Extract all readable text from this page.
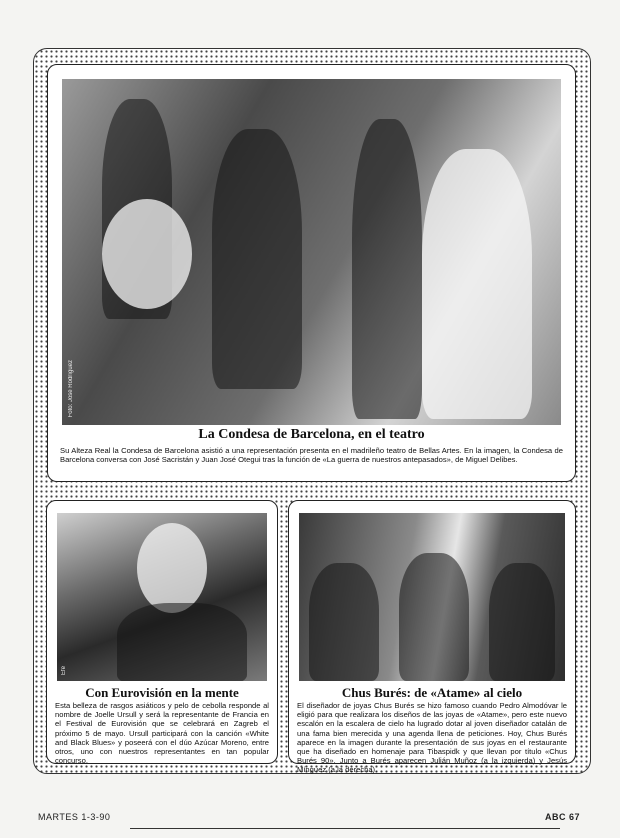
Foto: José Rodríguez
La Condesa de Barcelona, en el teatro
Su Alteza Real la Condesa de Barcelona asistió a una representación presenta en el madrileño teatro de Bellas Artes. En la imagen, la Condesa de Barcelona conversa con José Sacristán y Juan José Otegui tras la función de «La guerra de nuestros antepasados», de Miguel Delibes.
Efe
Con Eurovisión en la mente
Esta belleza de rasgos asiáticos y pelo de cebolla responde al nombre de Joelle Ursull y será la representante de Francia en el Festival de Eurovisión que se celebrará en Zagreb el próximo 5 de mayo. Ursull participará con la canción «White and Black Blues» y poseerá con el dúo Azúcar Moreno, entre otros, uno con nuestros representantes en tan popular concurso.
Chus Burés: de «Atame» al cielo
El diseñador de joyas Chus Burés se hizo famoso cuando Pedro Almodóvar le eligió para que realizara los diseños de las joyas de «Atame», pero este nuevo escalón en la escalera de cielo ha lugrado dotar al joven diseñador catalán de una fama bien merecida y una agenda llena de peticiones. Hoy, Chus Burés aparece en la imagen durante la presentación de sus joyas en el restaurante que ha diseñado en homenaje para Tibaspidk y que llevan por título «Chus Burés 90». Junto a Burés aparecen Julián Muñoz (a la izquierda) y Jesús Mínguez (a la derecha).
MARTES 1-3-90	ABC 67
